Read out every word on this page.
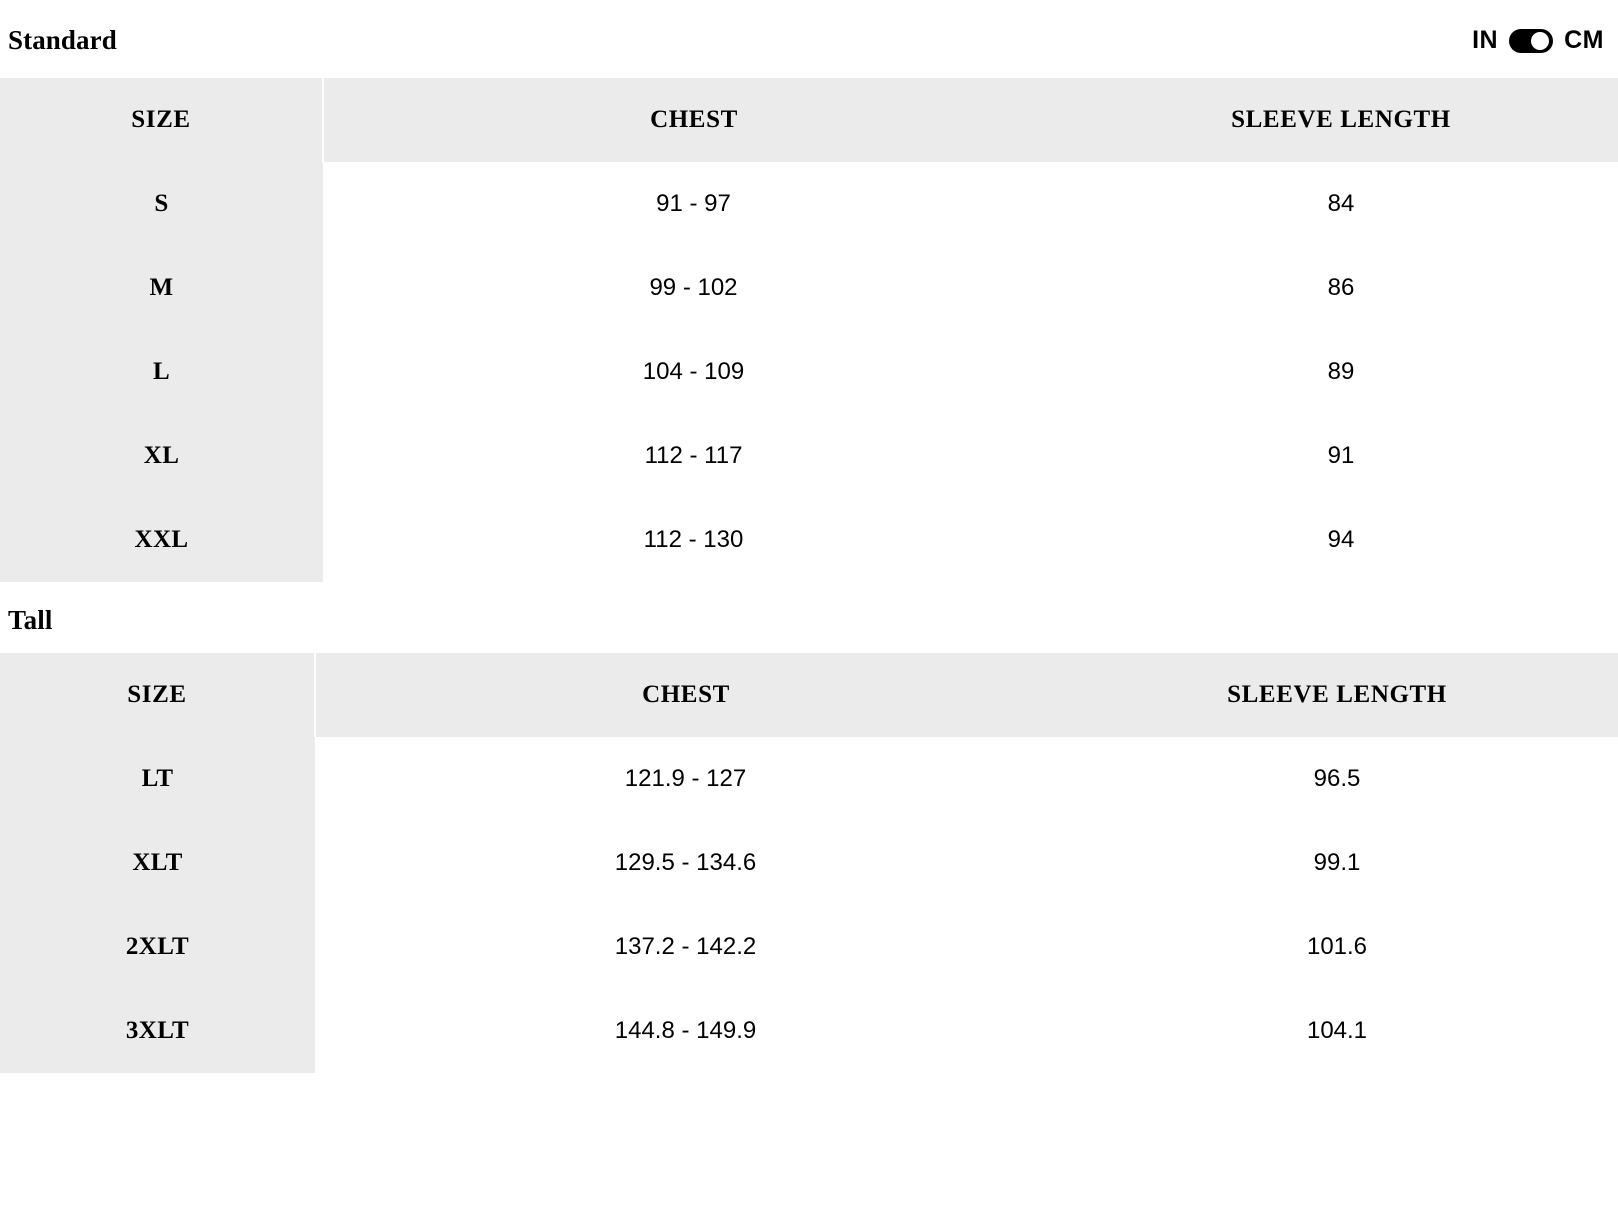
Standard	IN	CM
SIZE	CHEST	SLEEVE LENGTH
S	91 - 97	84
M	99 - 102	86
L	104 - 109	89
XL	112 - 117	91
XXL	112 - 130	94
Tall
SIZE	CHEST	SLEEVE LENGTH
LT	121.9 - 127	96.5
XLT	129.5 - 134.6	99.1
2XLT	137.2 - 142.2	101.6
3XLT	144.8 - 149.9	104.1
